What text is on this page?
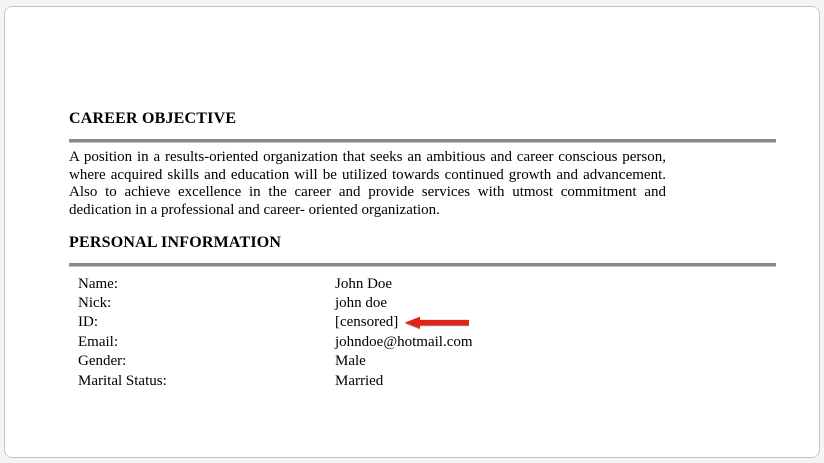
CAREER OBJECTIVE

A position in a results-oriented organization that seeks an ambitious and career conscious person, where acquired skills and education will be utilized towards continued growth and advancement. Also to achieve excellence in the career and provide services with utmost commitment and dedication in a professional and career- oriented organization.

PERSONAL INFORMATION
Name:	John Doe
Nick:	john doe
ID:	[censored]
Email:	johndoe@hotmail.com
Gender:	Male
Marital Status:	Married
